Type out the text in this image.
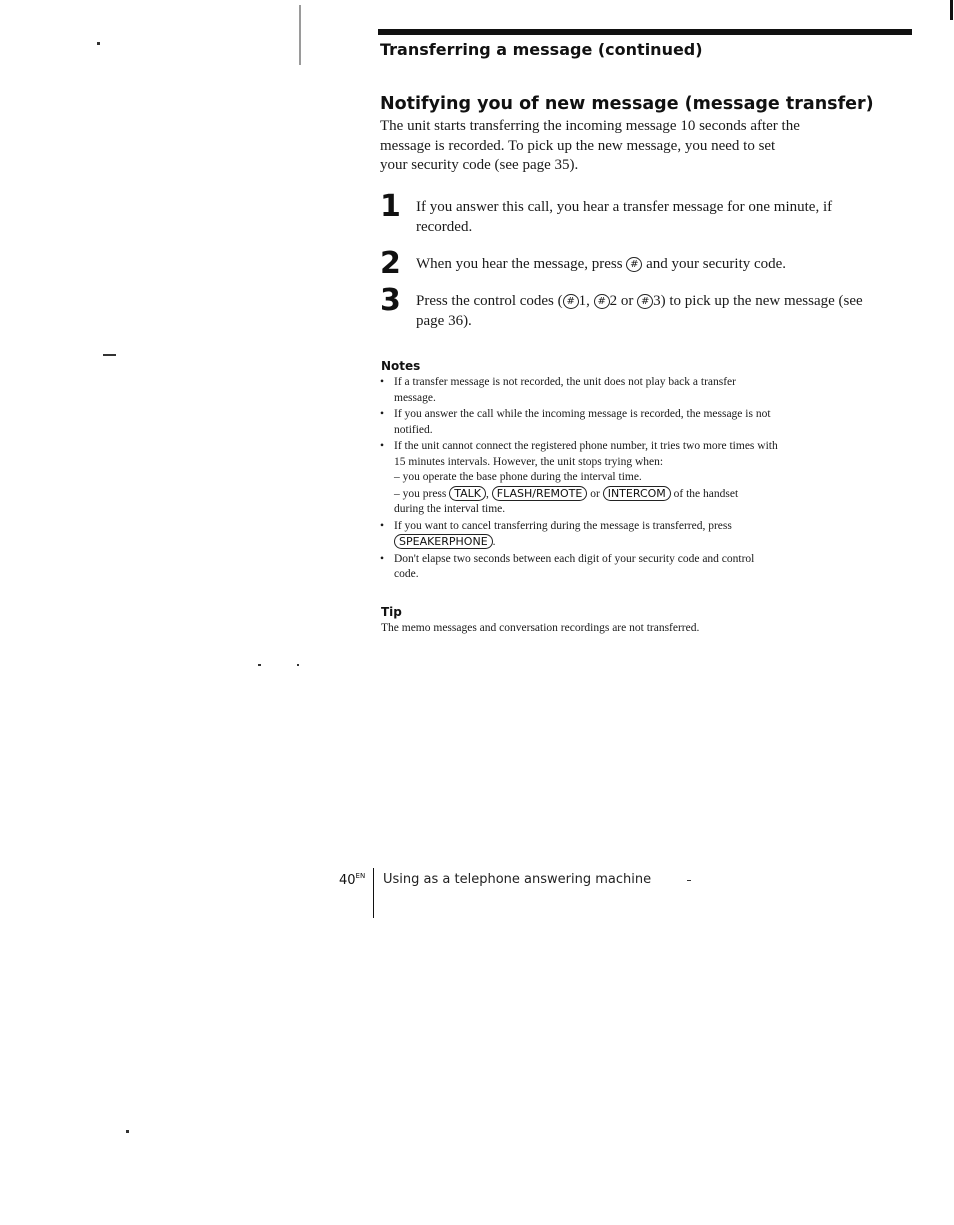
Transferring a message (continued)
Notifying you of new message (message transfer)

The unit starts transferring the incoming message 10 seconds after the
message is recorded. To pick up the new message, you need to set
your security code (see page 35).

1 If you answer this call, you hear a transfer message for one minute, if
recorded.

2 When you hear the message, press # and your security code.

3 Press the control codes ( # 1, # 2 or # 3) to pick up the new message (see
page 36).

Notes
• If a transfer message is not recorded, the unit does not play back a transfer
message.
• If you answer the call while the incoming message is recorded, the message is not
notified.
• If the unit cannot connect the registered phone number, it tries two more times with
15 minutes intervals. However, the unit stops trying when:
– you operate the base phone during the interval time.
– you press TALK , FLASH/REMOTE or INTERCOM of the handset
during the interval time.
• If you want to cancel transferring during the message is transferred, press
SPEAKERPHONE .
• Don't elapse two seconds between each digit of your security code and control
code.
Tip

The memo messages and conversation recordings are not transferred.

$40^{EN}$ Using as a telephone answering machine
